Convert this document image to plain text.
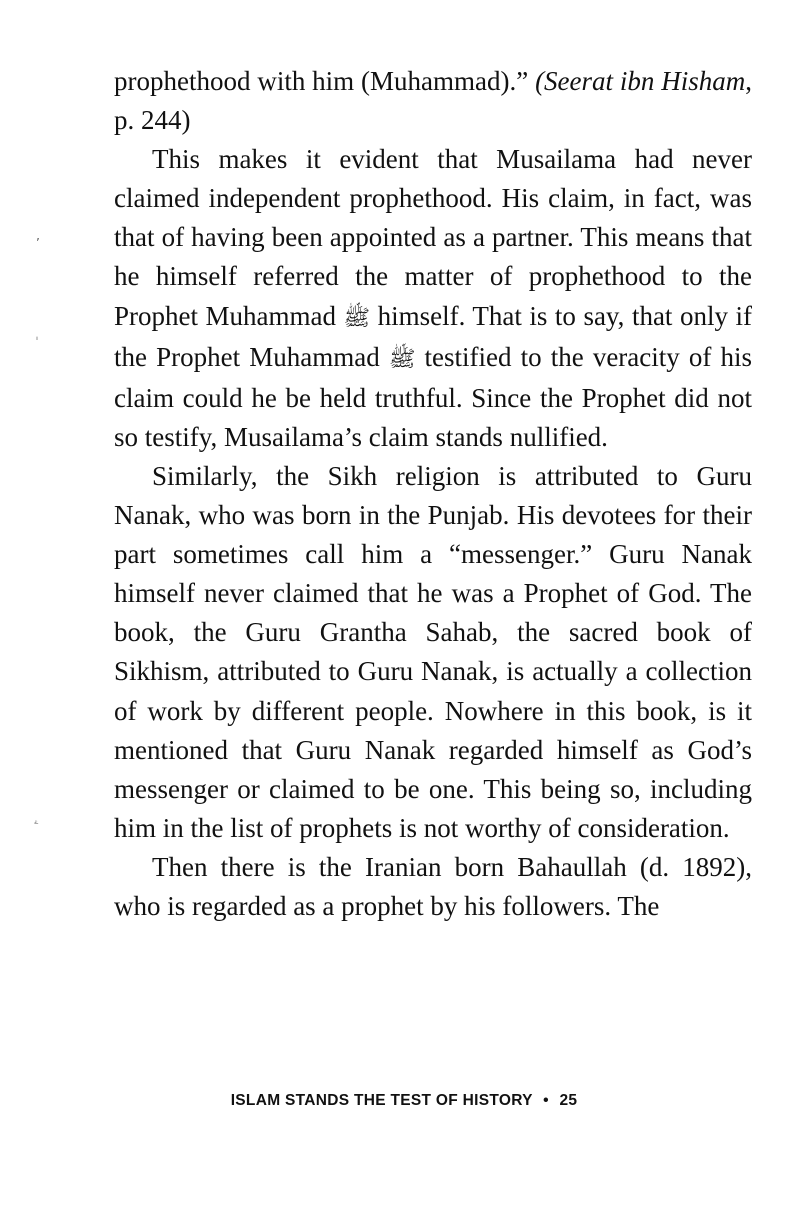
prophethood with him (Muhammad).” (Seerat ibn Hisham, p. 244)

This makes it evident that Musailama had never claimed independent prophethood. His claim, in fact, was that of having been appointed as a partner. This means that he himself referred the matter of prophethood to the Prophet Muhammad ﷺ himself. That is to say, that only if the Prophet Muhammad ﷺ testified to the veracity of his claim could he be held truthful. Since the Prophet did not so testify, Musailama’s claim stands nullified.

Similarly, the Sikh religion is attributed to Guru Nanak, who was born in the Punjab. His devotees for their part sometimes call him a “messenger.” Guru Nanak himself never claimed that he was a Prophet of God. The book, the Guru Grantha Sahab, the sacred book of Sikhism, attributed to Guru Nanak, is actually a collection of work by different people. Nowhere in this book, is it mentioned that Guru Nanak regarded himself as God’s messenger or claimed to be one. This being so, including him in the list of prophets is not worthy of consideration.

Then there is the Iranian born Bahaullah (d. 1892), who is regarded as a prophet by his followers. The

ISLAM STANDS THE TEST OF HISTORY • 25
’
